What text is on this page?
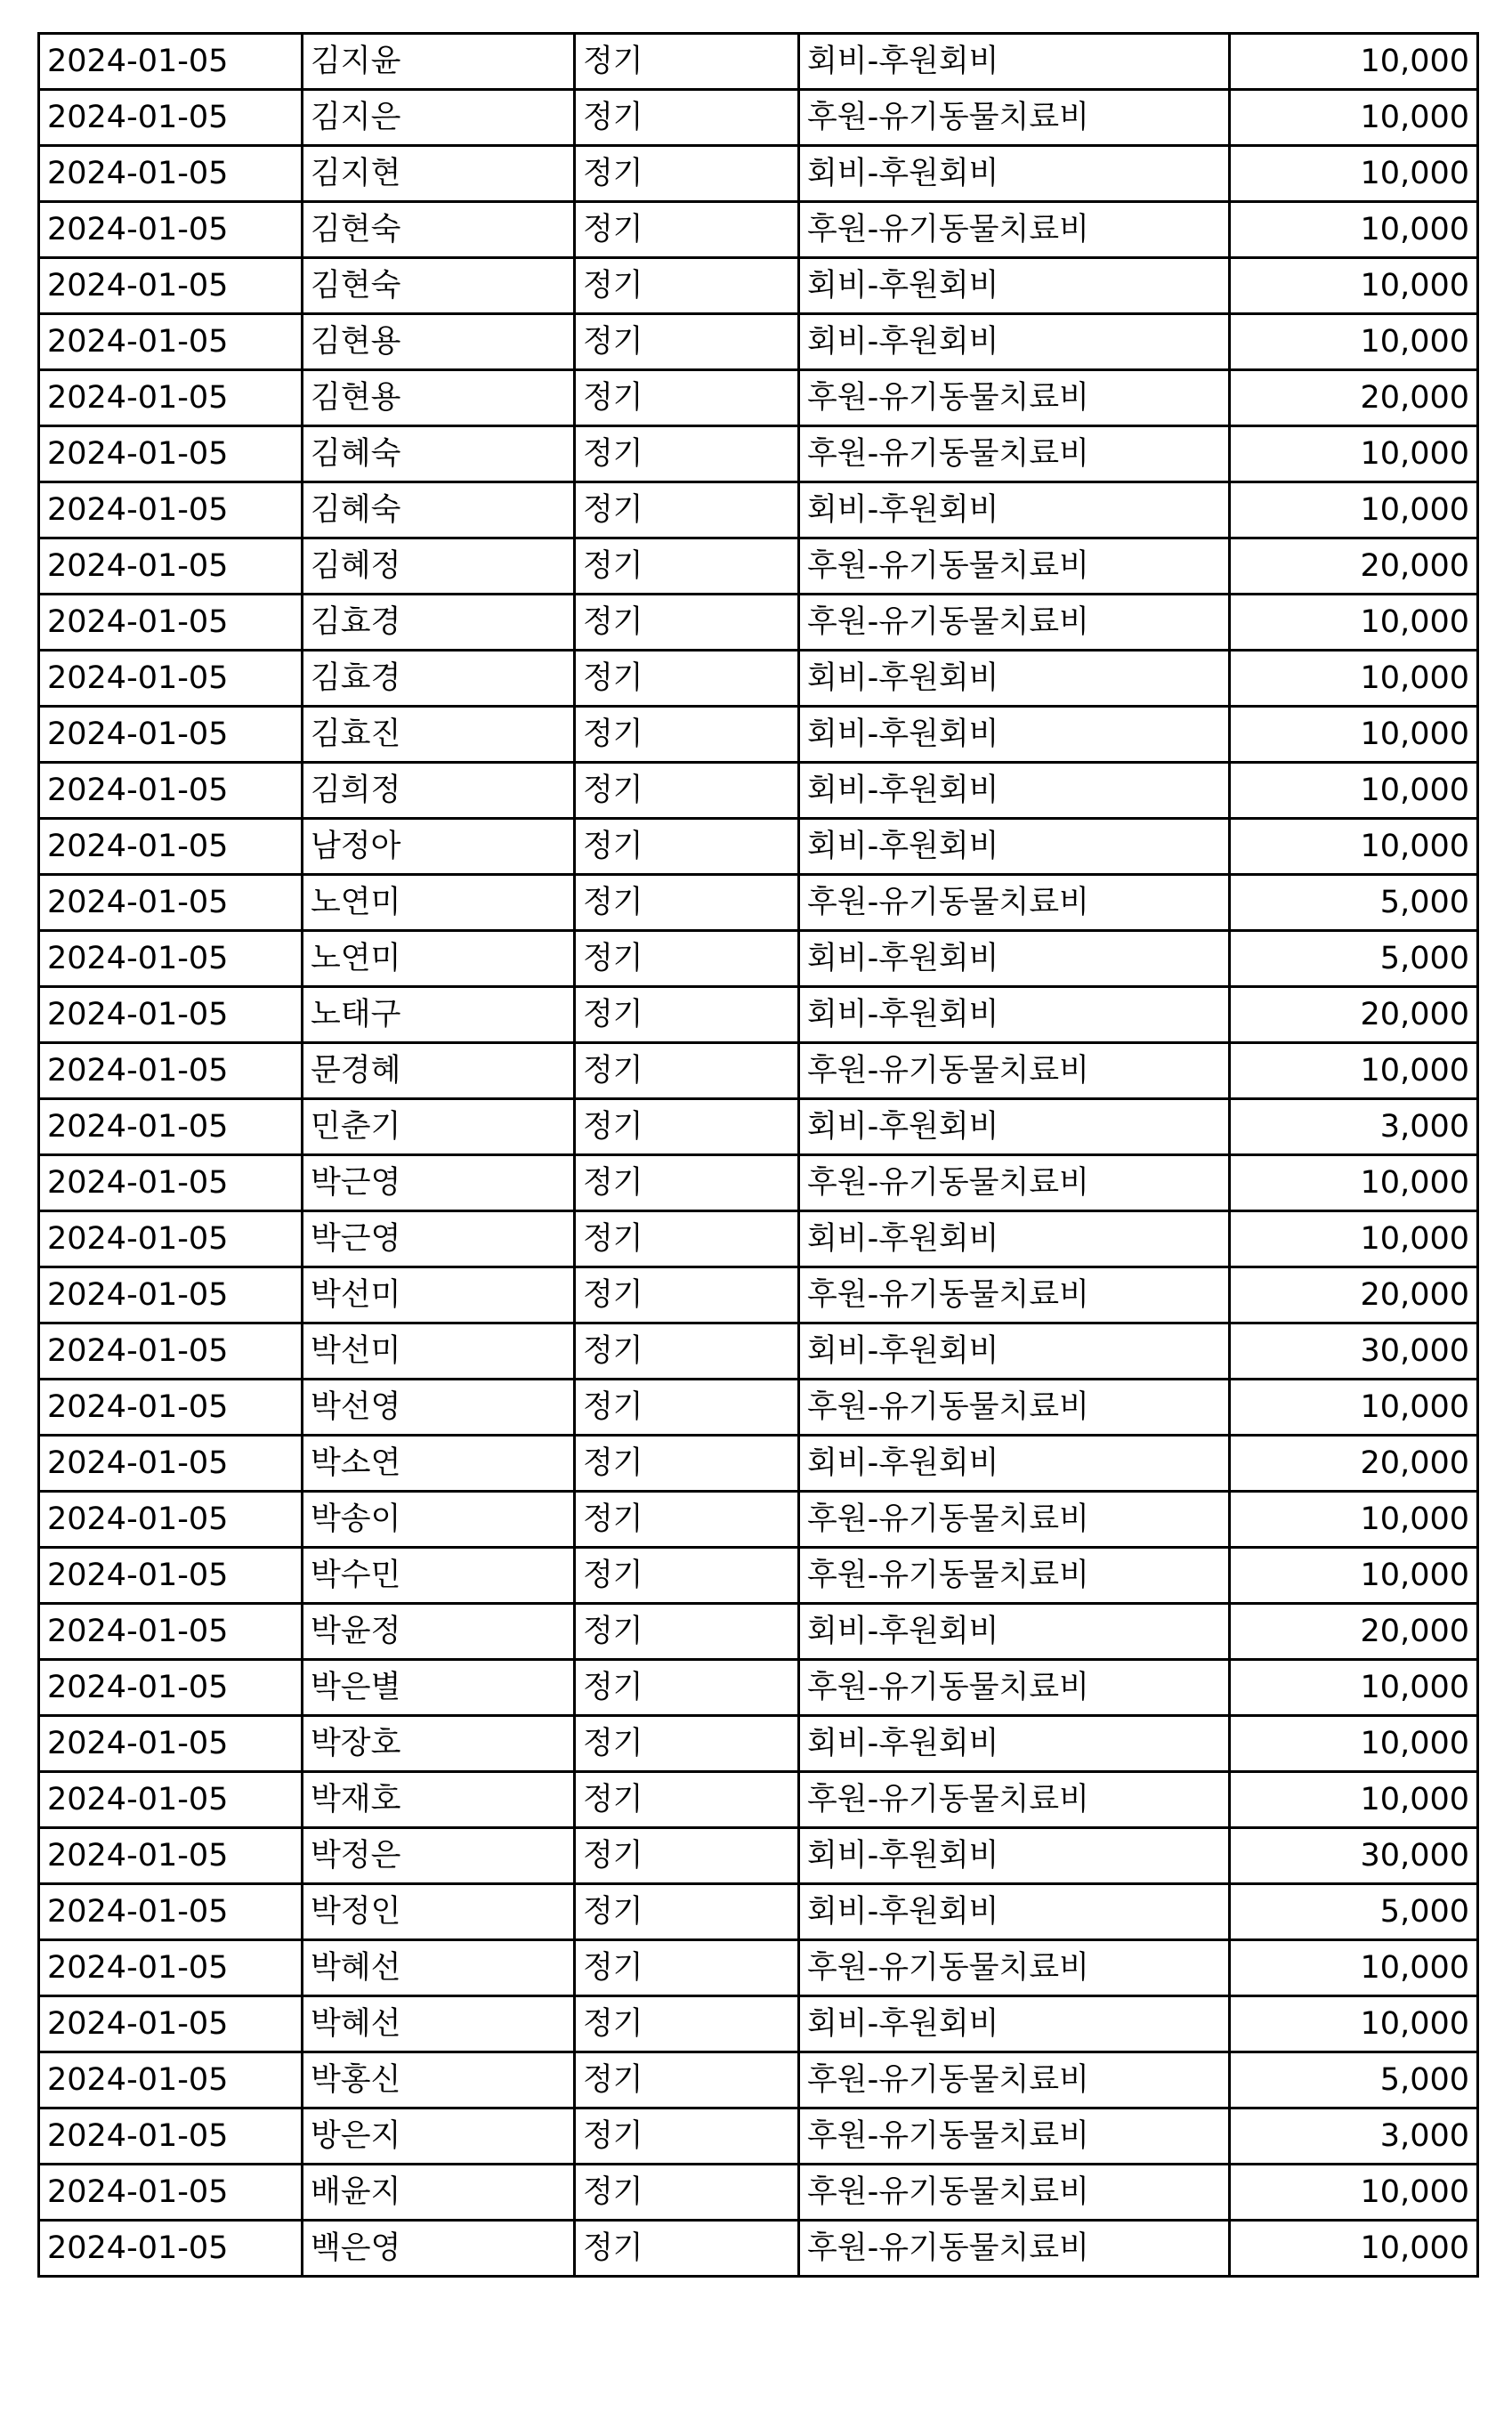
2024-01-05	김지윤	정기	회비-후원회비	10,000
2024-01-05	김지은	정기	후원-유기동물치료비	10,000
2024-01-05	김지현	정기	회비-후원회비	10,000
2024-01-05	김현숙	정기	후원-유기동물치료비	10,000
2024-01-05	김현숙	정기	회비-후원회비	10,000
2024-01-05	김현용	정기	회비-후원회비	10,000
2024-01-05	김현용	정기	후원-유기동물치료비	20,000
2024-01-05	김혜숙	정기	후원-유기동물치료비	10,000
2024-01-05	김혜숙	정기	회비-후원회비	10,000
2024-01-05	김혜정	정기	후원-유기동물치료비	20,000
2024-01-05	김효경	정기	후원-유기동물치료비	10,000
2024-01-05	김효경	정기	회비-후원회비	10,000
2024-01-05	김효진	정기	회비-후원회비	10,000
2024-01-05	김희정	정기	회비-후원회비	10,000
2024-01-05	남정아	정기	회비-후원회비	10,000
2024-01-05	노연미	정기	후원-유기동물치료비	5,000
2024-01-05	노연미	정기	회비-후원회비	5,000
2024-01-05	노태구	정기	회비-후원회비	20,000
2024-01-05	문경혜	정기	후원-유기동물치료비	10,000
2024-01-05	민춘기	정기	회비-후원회비	3,000
2024-01-05	박근영	정기	후원-유기동물치료비	10,000
2024-01-05	박근영	정기	회비-후원회비	10,000
2024-01-05	박선미	정기	후원-유기동물치료비	20,000
2024-01-05	박선미	정기	회비-후원회비	30,000
2024-01-05	박선영	정기	후원-유기동물치료비	10,000
2024-01-05	박소연	정기	회비-후원회비	20,000
2024-01-05	박송이	정기	후원-유기동물치료비	10,000
2024-01-05	박수민	정기	후원-유기동물치료비	10,000
2024-01-05	박윤정	정기	회비-후원회비	20,000
2024-01-05	박은별	정기	후원-유기동물치료비	10,000
2024-01-05	박장호	정기	회비-후원회비	10,000
2024-01-05	박재호	정기	후원-유기동물치료비	10,000
2024-01-05	박정은	정기	회비-후원회비	30,000
2024-01-05	박정인	정기	회비-후원회비	5,000
2024-01-05	박혜선	정기	후원-유기동물치료비	10,000
2024-01-05	박혜선	정기	회비-후원회비	10,000
2024-01-05	박홍신	정기	후원-유기동물치료비	5,000
2024-01-05	방은지	정기	후원-유기동물치료비	3,000
2024-01-05	배윤지	정기	후원-유기동물치료비	10,000
2024-01-05	백은영	정기	후원-유기동물치료비	10,000
